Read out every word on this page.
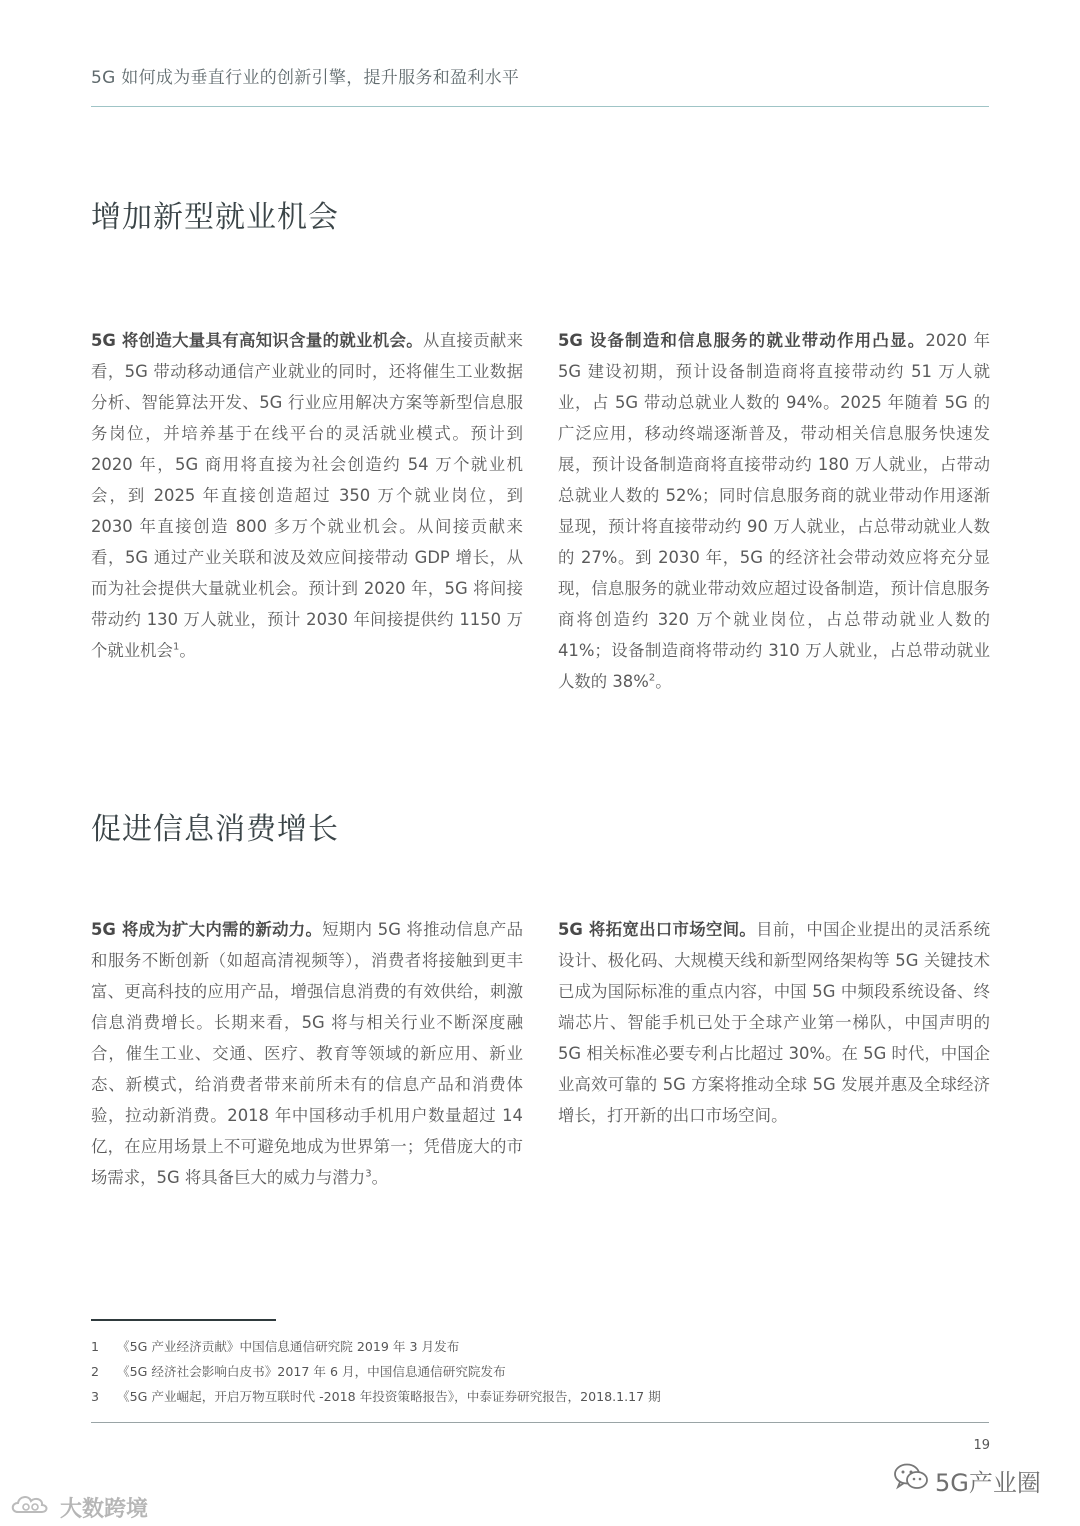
5G 如何成为垂直行业的创新引擎，提升服务和盈利水平
增加新型就业机会

5G 将创造大量具有高知识含量的就业机会。从直接贡献来看，5G 带动移动通信产业就业的同时，还将催生工业数据分析、智能算法开发、5G 行业应用解决方案等新型信息服务岗位，并培养基于在线平台的灵活就业模式。预计到 2020 年，5G 商用将直接为社会创造约 54 万个就业机会，到 2025 年直接创造超过 350 万个就业岗位，到 2030 年直接创造 800 多万个就业机会。从间接贡献来看，5G 通过产业关联和波及效应间接带动 GDP 增长，从而为社会提供大量就业机会。预计到 2020 年，5G 将间接带动约 130 万人就业，预计 2030 年间接提供约 1150 万个就业机会$^1$。

5G 设备制造和信息服务的就业带动作用凸显。2020 年 5G 建设初期，预计设备制造商将直接带动约 51 万人就业，占 5G 带动总就业人数的 94%。2025 年随着 5G 的广泛应用，移动终端逐渐普及，带动相关信息服务快速发展，预计设备制造商将直接带动约 180 万人就业，占带动总就业人数的 52%；同时信息服务商的就业带动作用逐渐显现，预计将直接带动约 90 万人就业，占总带动就业人数的 27%。到 2030 年，5G 的经济社会带动效应将充分显现，信息服务的就业带动效应超过设备制造，预计信息服务商将创造约 320 万个就业岗位，占总带动就业人数的 41%；设备制造商将带动约 310 万人就业，占总带动就业人数的 38%$^2$。

促进信息消费增长

5G 将成为扩大内需的新动力。短期内 5G 将推动信息产品和服务不断创新（如超高清视频等），消费者将接触到更丰富、更高科技的应用产品，增强信息消费的有效供给，刺激信息消费增长。长期来看，5G 将与相关行业不断深度融合，催生工业、交通、医疗、教育等领域的新应用、新业态、新模式，给消费者带来前所未有的信息产品和消费体验，拉动新消费。2018 年中国移动手机用户数量超过 14 亿，在应用场景上不可避免地成为世界第一；凭借庞大的市场需求，5G 将具备巨大的威力与潜力$^3$。

5G 将拓宽出口市场空间。目前，中国企业提出的灵活系统设计、极化码、大规模天线和新型网络架构等 5G 关键技术已成为国际标准的重点内容，中国 5G 中频段系统设备、终端芯片、智能手机已处于全球产业第一梯队，中国声明的 5G 相关标准必要专利占比超过 30%。在 5G 时代，中国企业高效可靠的 5G 方案将推动全球 5G 发展并惠及全球经济增长，打开新的出口市场空间。

1	《5G 产业经济贡献》中国信息通信研究院 2019 年 3 月发布
2	《5G 经济社会影响白皮书》2017 年 6 月，中国信息通信研究院发布
3	《5G 产业崛起，开启万物互联时代 -2018 年投资策略报告》，中泰证券研究报告，2018.1.17 期
19
5G产业圈
大数跨境
